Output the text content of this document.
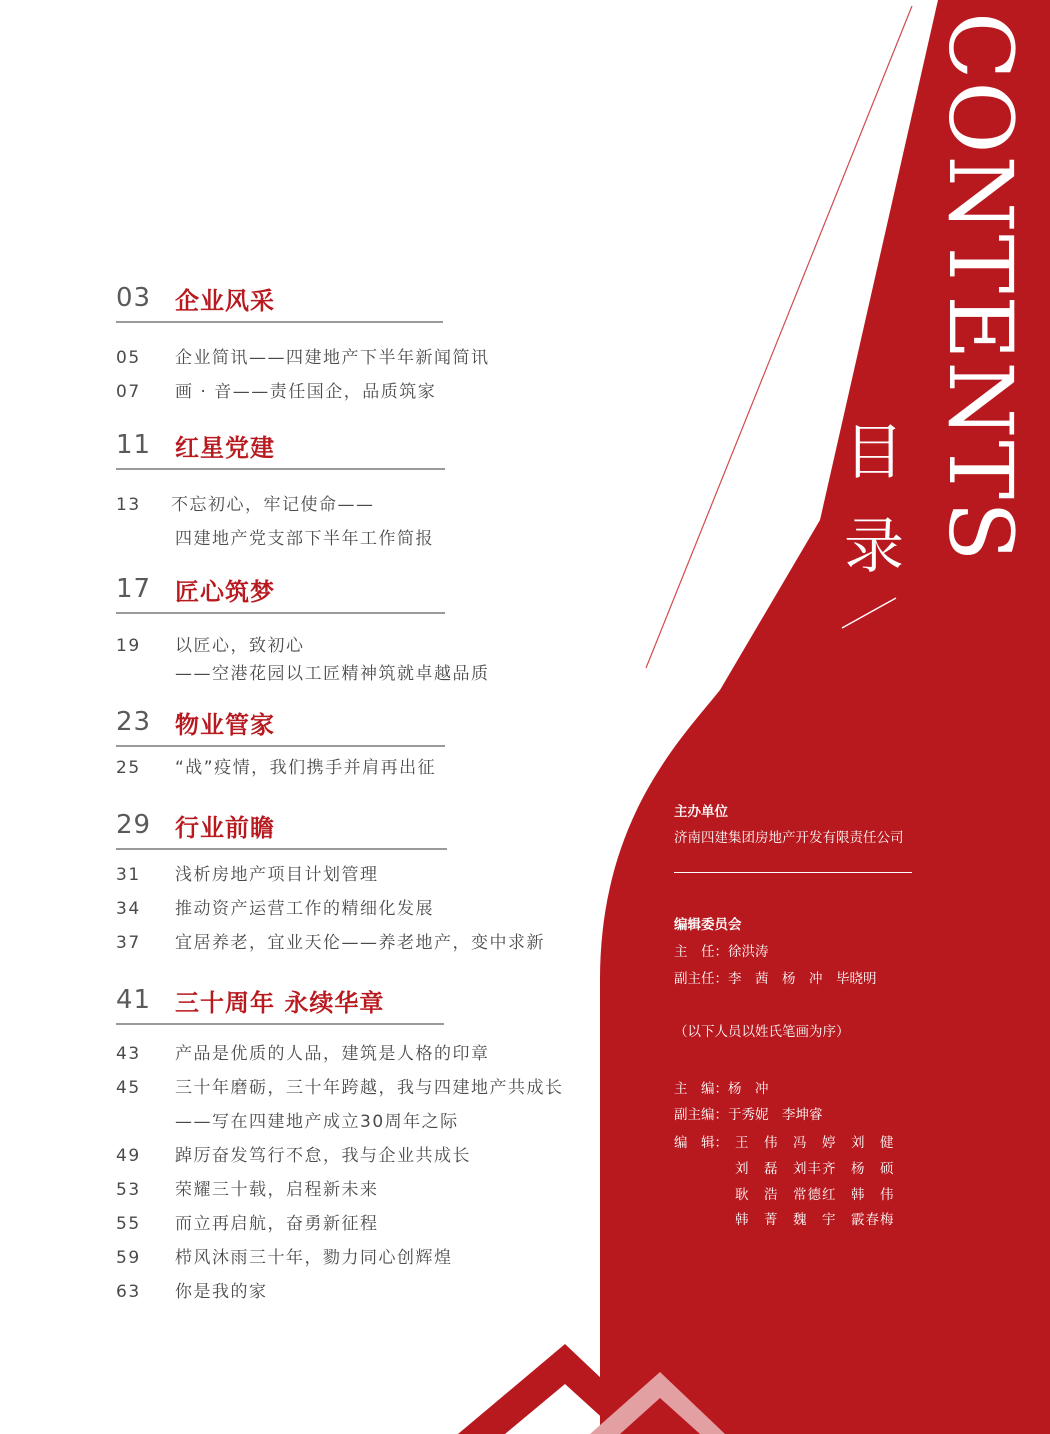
CONTENTS
目
录
03 企业风采
05 企业简讯——四建地产下半年新闻简讯
07 画 · 音——责任国企，品质筑家
11 红星党建
13 不忘初心，牢记使命——
四建地产党支部下半年工作简报
17 匠心筑梦
19 以匠心，致初心
——空港花园以工匠精神筑就卓越品质
23 物业管家
25 “战”疫情，我们携手并肩再出征
29 行业前瞻
31 浅析房地产项目计划管理
34 推动资产运营工作的精细化发展
37 宜居养老，宜业天伦——养老地产，变中求新
41 三十周年 永续华章
43 产品是优质的人品，建筑是人格的印章
45 三十年磨砺，三十年跨越，我与四建地产共成长
——写在四建地产成立30周年之际
49 踔厉奋发笃行不怠，我与企业共成长
53 荣耀三十载，启程新未来
55 而立再启航，奋勇新征程
59 栉风沐雨三十年，勠力同心创辉煌
63 你是我的家
主办单位
济南四建集团房地产开发有限责任公司
编辑委员会
主　任：徐洪涛
副主任：李　茜　杨　冲　毕晓明
（以下人员以姓氏笔画为序）
主　编：杨　冲
副主编：于秀妮　李坤睿
编　辑： 王　伟　冯　婷　刘　健
刘　磊　刘丰齐　杨　硕
耿　浩　常德红　韩　伟
韩　菁　魏　宇　霰春梅
